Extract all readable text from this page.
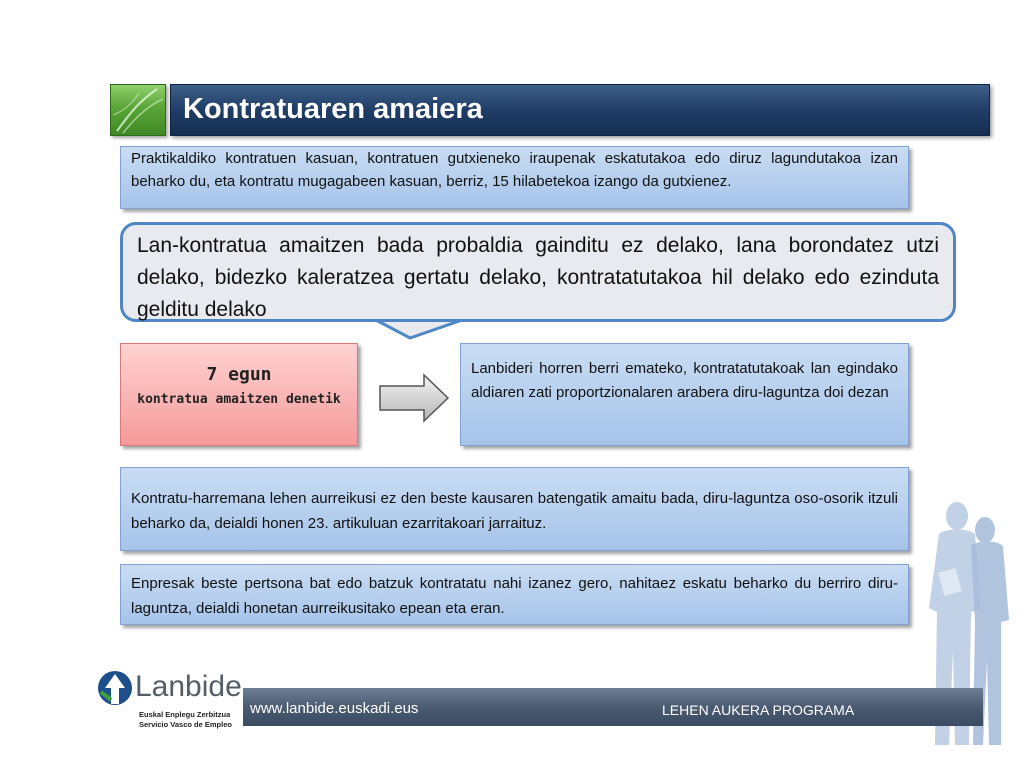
Kontratuaren amaiera
Praktikaldiko kontratuen kasuan, kontratuen gutxieneko iraupenak eskatutakoa edo diruz lagundutakoa izan beharko du, eta kontratu mugagabeen kasuan, berriz, 15 hilabetekoa izango da gutxienez.
Lan-kontratua amaitzen bada probaldia gainditu ez delako, lana borondatez utzi delako, bidezko kaleratzea gertatu delako, kontratatutakoa hil delako edo ezinduta gelditu delako
7 egun
kontratua amaitzen denetik
Lanbideri horren berri emateko, kontratatutakoak lan egindako aldiaren zati proportzionalaren arabera diru-laguntza doi dezan
Kontratu-harremana lehen aurreikusi ez den beste kausaren batengatik amaitu bada, diru-laguntza oso-osorik itzuli beharko da, deialdi honen 23. artikuluan ezarritakoari jarraituz.
Enpresak beste pertsona bat edo batzuk kontratatu nahi izanez gero, nahitaez eskatu beharko du berriro diru-laguntza, deialdi honetan aurreikusitako epean eta eran.
www.lanbide.euskadi.eus	LEHEN AUKERA PROGRAMA
Lanbide
Euskal Enplegu Zerbitzua
Servicio Vasco de Empleo
